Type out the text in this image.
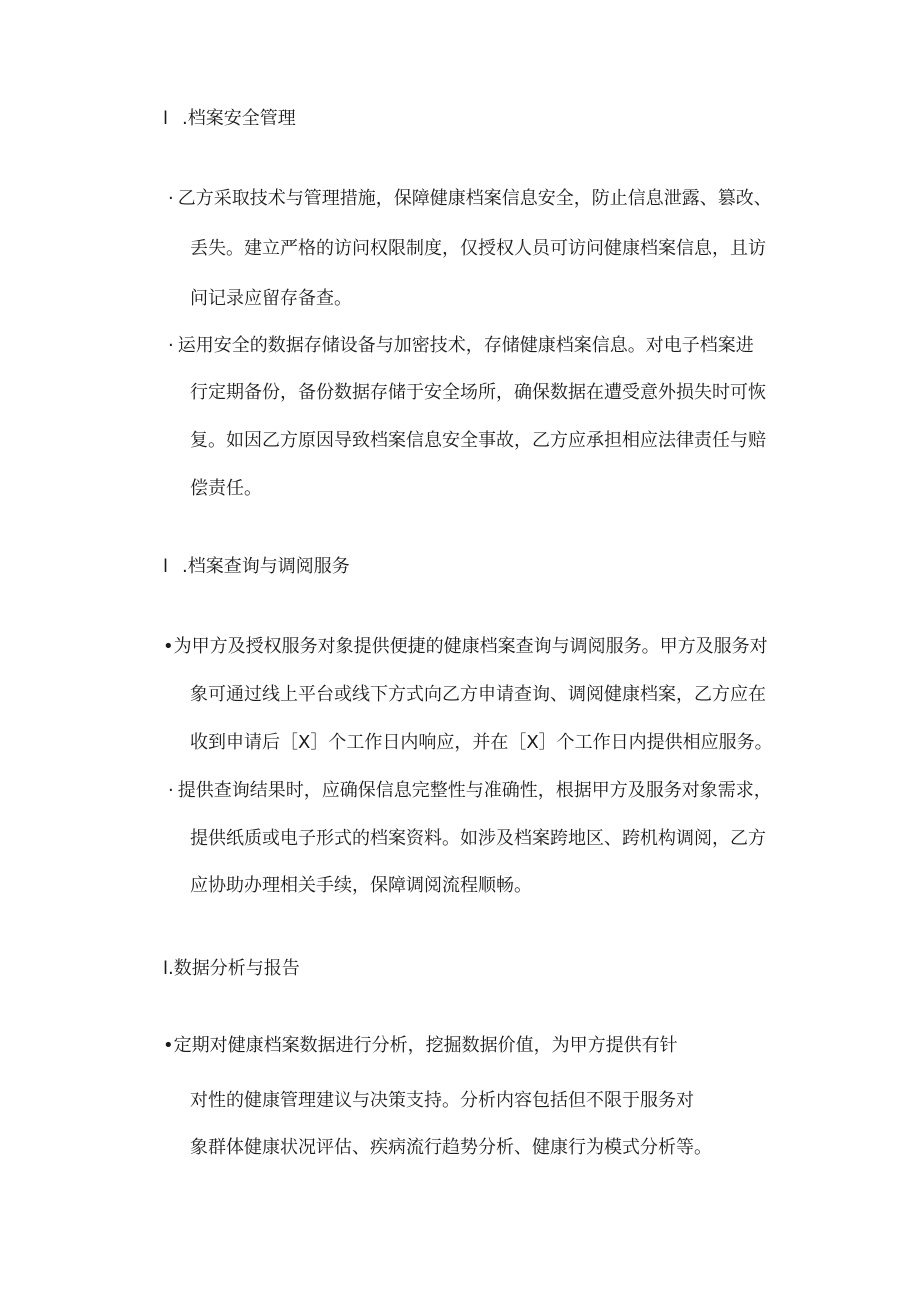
l .档案安全管理
· 乙方采取技术与管理措施，保障健康档案信息安全，防止信息泄露、篡改、
丢失。建立严格的访问权限制度，仅授权人员可访问健康档案信息，且访
问记录应留存备查。
· 运用安全的数据存储设备与加密技术，存储健康档案信息。对电子档案进
行定期备份，备份数据存储于安全场所，确保数据在遭受意外损失时可恢
复。如因乙方原因导致档案信息安全事故，乙方应承担相应法律责任与赔
偿责任。
l .档案查询与调阅服务
•为甲方及授权服务对象提供便捷的健康档案查询与调阅服务。甲方及服务对
象可通过线上平台或线下方式向乙方申请查询、调阅健康档案，乙方应在
收到申请后［X］个工作日内响应，并在［X］个工作日内提供相应服务。
· 提供查询结果时，应确保信息完整性与准确性，根据甲方及服务对象需求，
提供纸质或电子形式的档案资料。如涉及档案跨地区、跨机构调阅，乙方
应协助办理相关手续，保障调阅流程顺畅。
l.数据分析与报告
•定期对健康档案数据进行分析，挖掘数据价值，为甲方提供有针
对性的健康管理建议与决策支持。分析内容包括但不限于服务对
象群体健康状况评估、疾病流行趋势分析、健康行为模式分析等。
